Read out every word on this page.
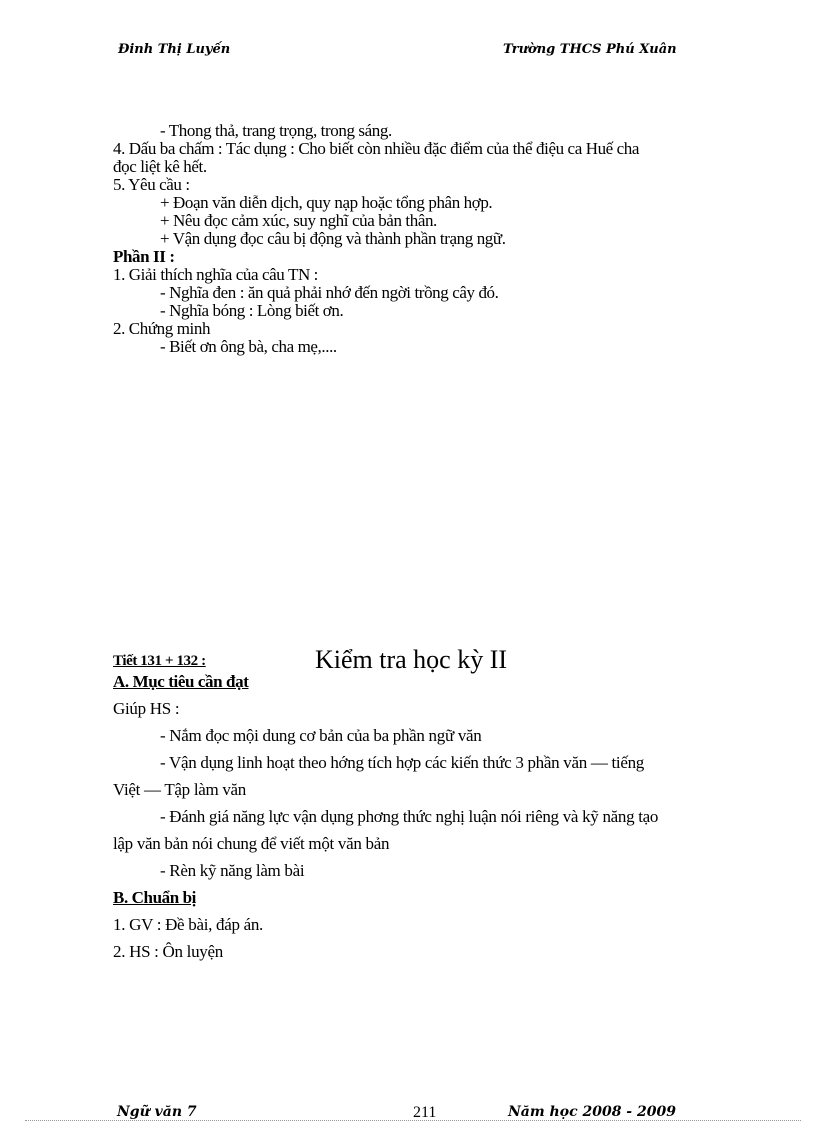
Đinh Thị Luyến	Trường THCS Phú Xuân
- Thong thả, trang trọng, trong sáng.
4. Dấu ba chấm : Tác dụng : Cho biết còn nhiều đặc điểm của thể điệu ca Huế cha
đọc liệt kê hết.
5. Yêu cầu :
+ Đoạn văn diễn dịch, quy nạp hoặc tổng phân hợp.
+ Nêu đọc cảm xúc, suy nghĩ của bản thân.
+ Vận dụng đọc câu bị động và thành phần trạng ngữ.
Phần II :
1. Giải thích nghĩa của câu TN :
- Nghĩa đen : ăn quả phải nhớ đến ngời trồng cây đó.
- Nghĩa bóng : Lòng biết ơn.
2. Chứng minh
- Biết ơn ông bà, cha mẹ,....
Tiết 131 + 132 :	Kiểm tra học kỳ II
A. Mục tiêu cần đạt
Giúp HS :
- Nắm đọc mội dung cơ bản của ba phần ngữ văn
- Vận dụng linh hoạt theo hớng tích hợp các kiến thức 3 phần văn — tiếng
Việt — Tập làm văn
- Đánh giá năng lực vận dụng phơng thức nghị luận nói riêng và kỹ năng tạo
lập văn bản nói chung để viết một văn bản
- Rèn kỹ năng làm bài
B. Chuẩn bị
1. GV : Đề bài, đáp án.
2. HS : Ôn luyện
Ngữ văn 7	211	Năm học 2008 - 2009
